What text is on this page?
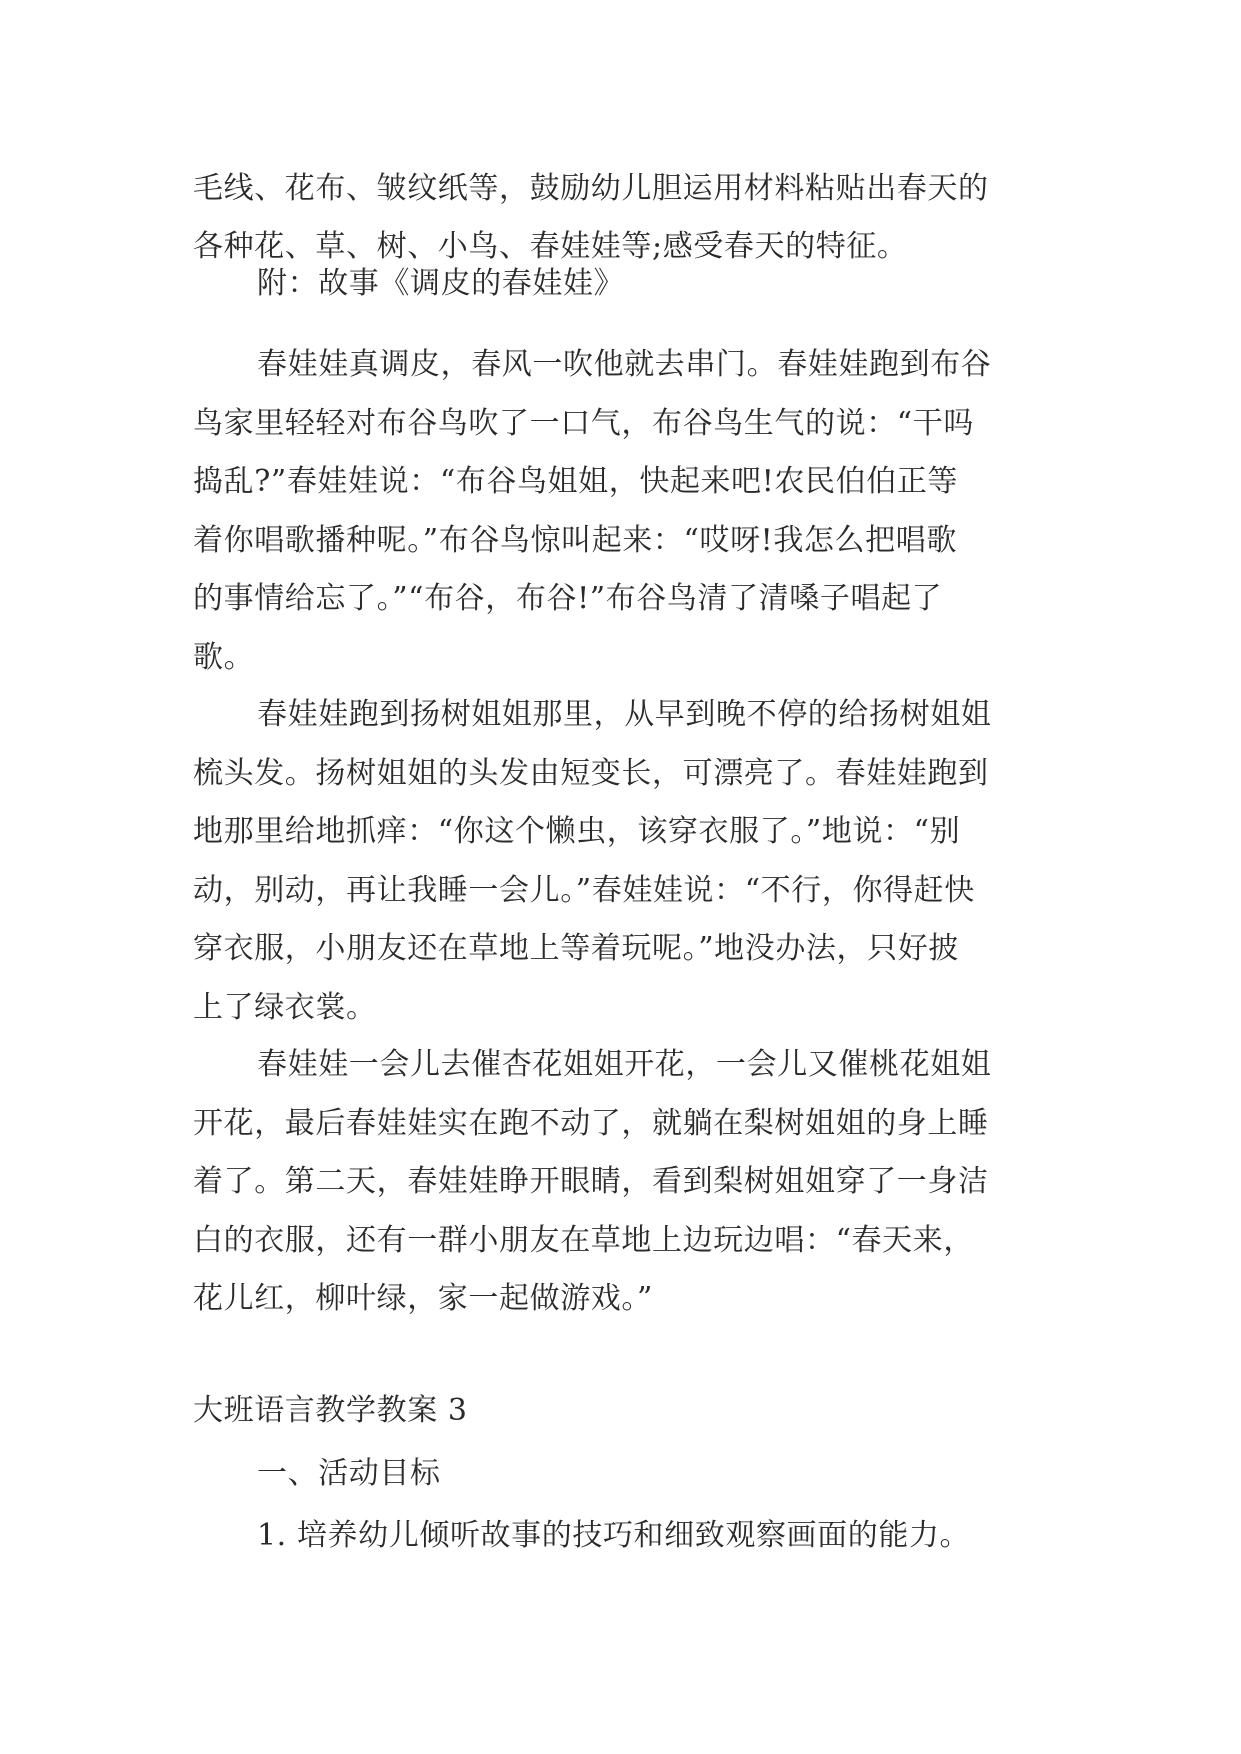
毛线、花布、皱纹纸等，鼓励幼儿胆运用材料粘贴出春天的
各种花、草、树、小鸟、春娃娃等;感受春天的特征。
附：故事《调皮的春娃娃》
春娃娃真调皮，春风一吹他就去串门。春娃娃跑到布谷
鸟家里轻轻对布谷鸟吹了一口气，布谷鸟生气的说：“干吗
捣乱?”春娃娃说：“布谷鸟姐姐，快起来吧!农民伯伯正等
着你唱歌播种呢。”布谷鸟惊叫起来：“哎呀!我怎么把唱歌
的事情给忘了。”“布谷，布谷!”布谷鸟清了清嗓子唱起了
歌。
春娃娃跑到扬树姐姐那里，从早到晚不停的给扬树姐姐
梳头发。扬树姐姐的头发由短变长，可漂亮了。春娃娃跑到
地那里给地抓痒：“你这个懒虫，该穿衣服了。”地说：“别
动，别动，再让我睡一会儿。”春娃娃说：“不行，你得赶快
穿衣服，小朋友还在草地上等着玩呢。”地没办法，只好披
上了绿衣裳。
春娃娃一会儿去催杏花姐姐开花，一会儿又催桃花姐姐
开花，最后春娃娃实在跑不动了，就躺在梨树姐姐的身上睡
着了。第二天，春娃娃睁开眼睛，看到梨树姐姐穿了一身洁
白的衣服，还有一群小朋友在草地上边玩边唱：“春天来，
花儿红，柳叶绿，家一起做游戏。”
大班语言教学教案 3
一、活动目标
1. 培养幼儿倾听故事的技巧和细致观察画面的能力。
